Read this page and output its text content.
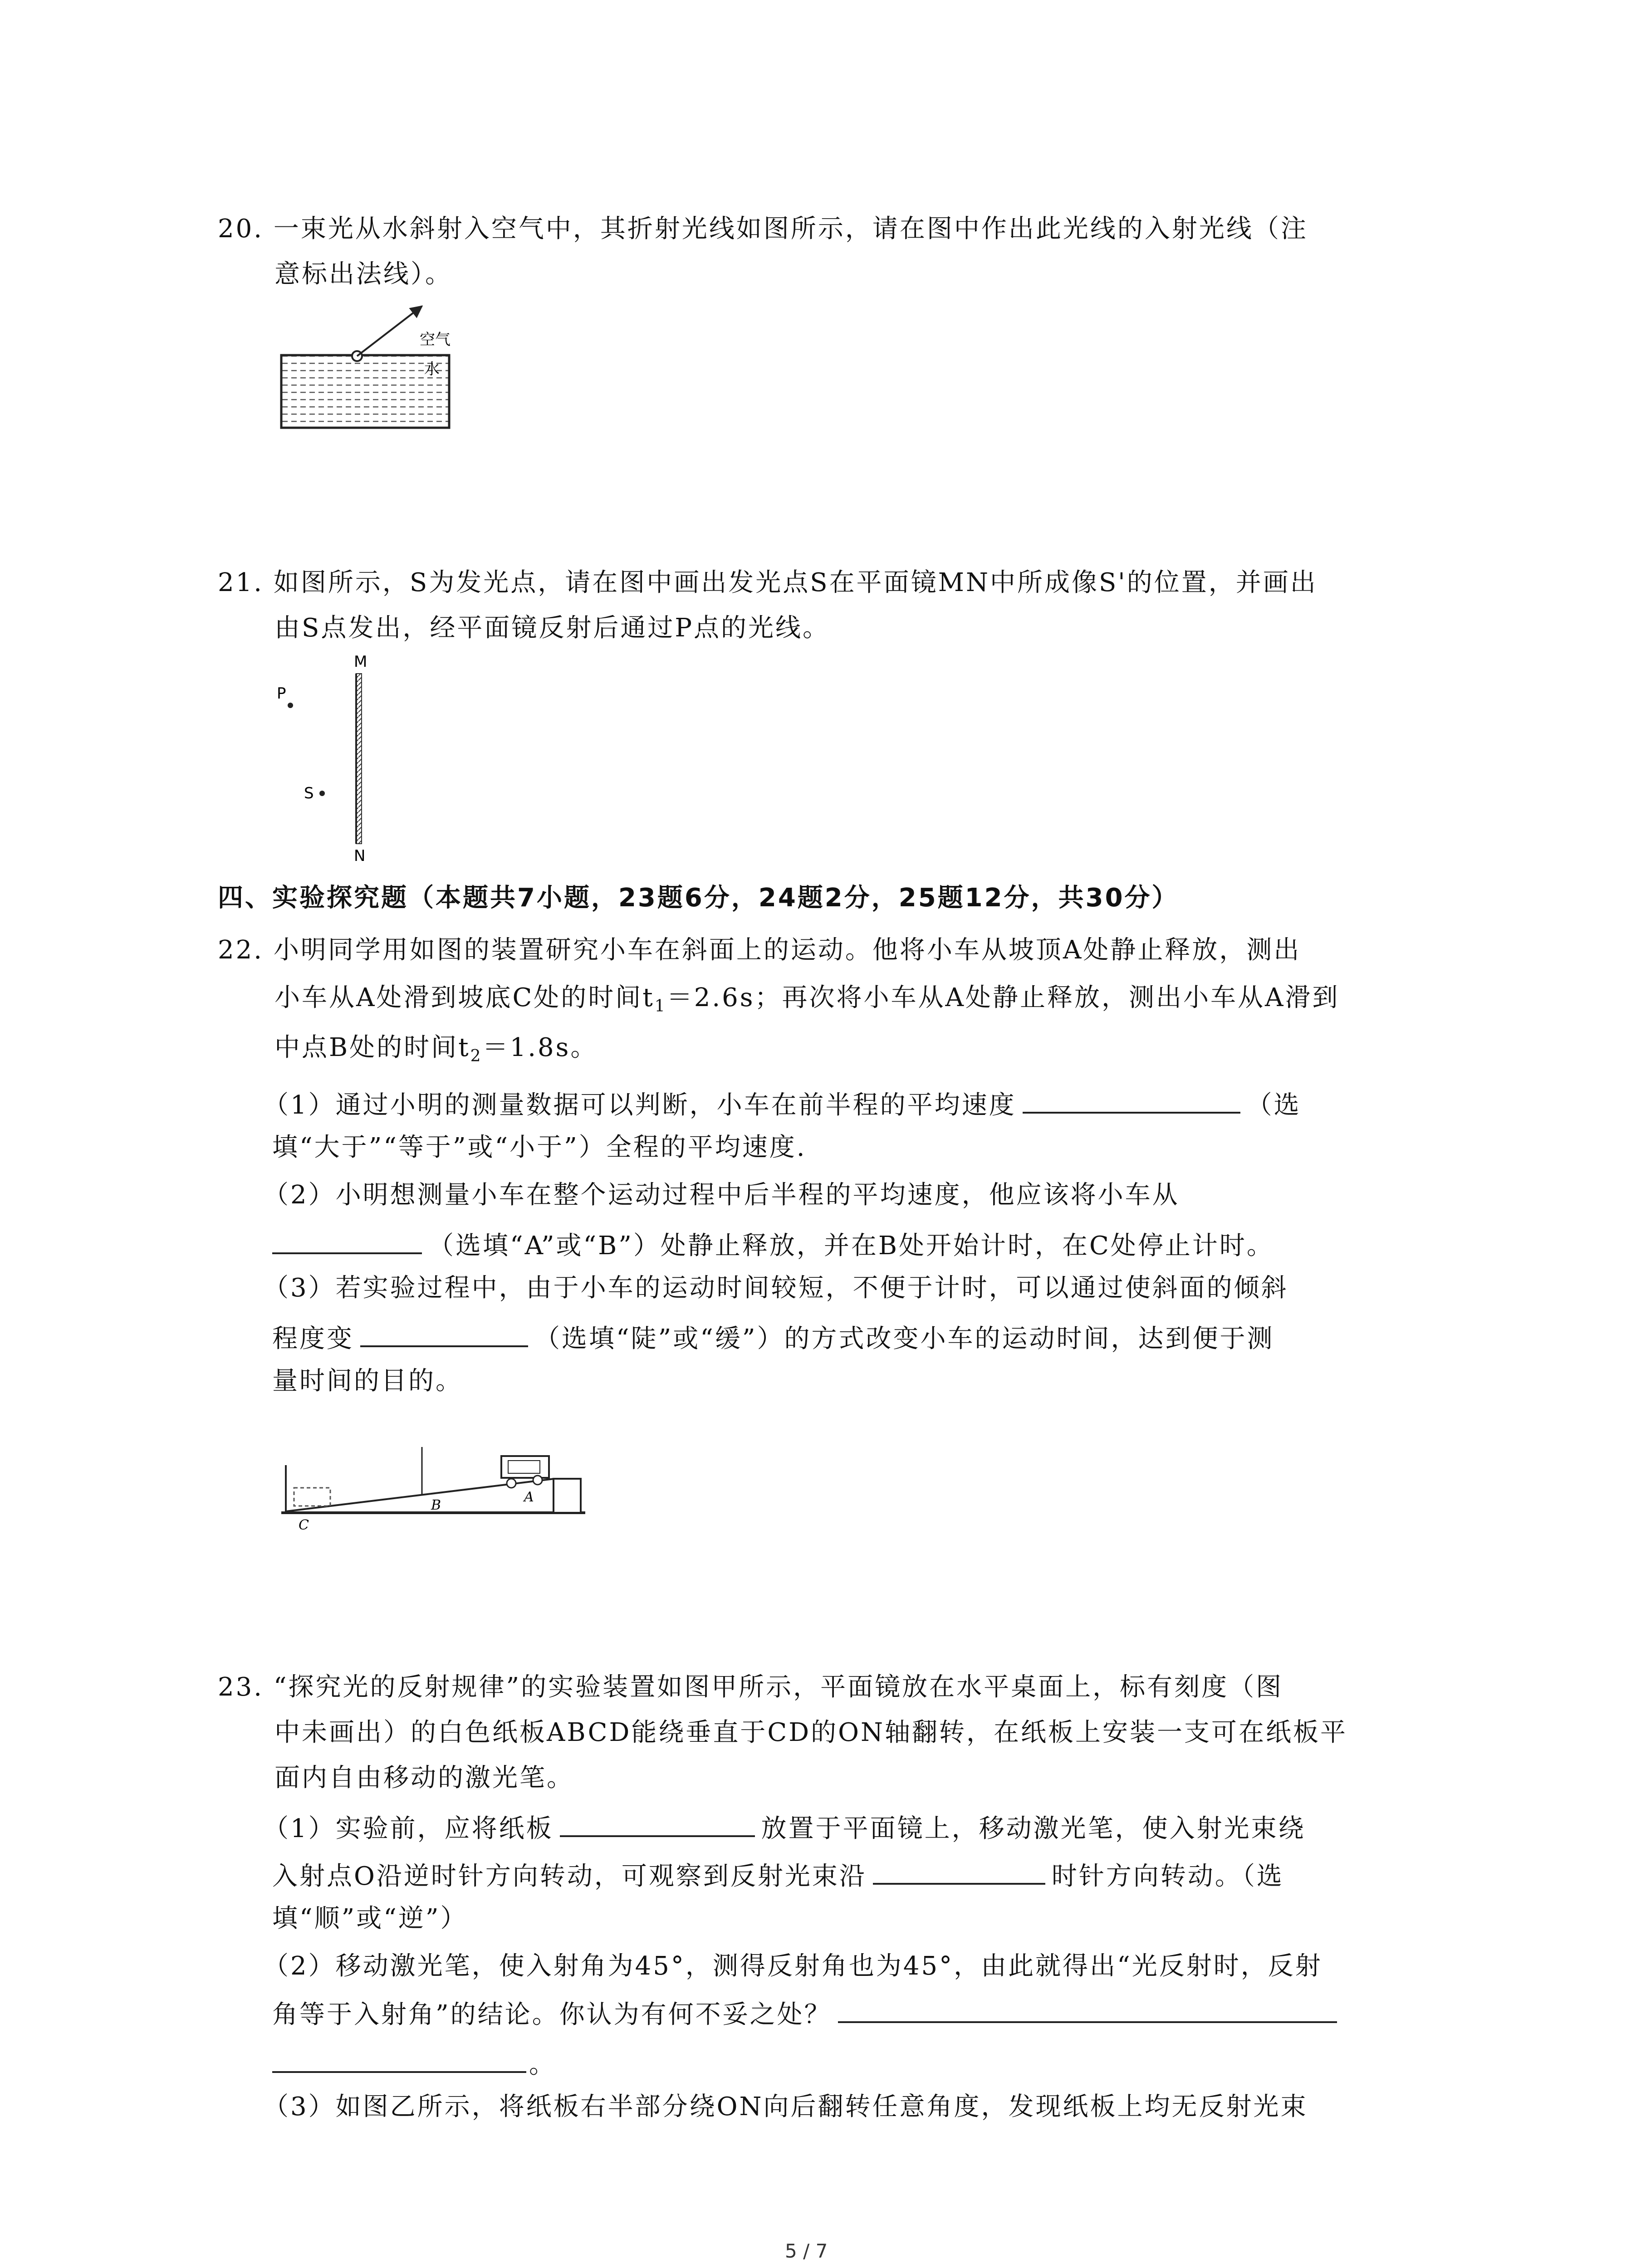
20. 一束光从水斜射入空气中，其折射光线如图所示，请在图中作出此光线的入射光线（注
意标出法线）。
空气
水
21. 如图所示，S为发光点，请在图中画出发光点S在平面镜MN中所成像S'的位置，并画出
由S点发出，经平面镜反射后通过P点的光线。
M
N
P
S
四、实验探究题（本题共7小题，23题6分，24题2分，25题12分，共30分）
22. 小明同学用如图的装置研究小车在斜面上的运动。他将小车从坡顶A处静止释放，测出
小车从A处滑到坡底C处的时间$t_1=2.6s$；再次将小车从A处静止释放，测出小车从A滑到
中点B处的时间$t_2=1.8s$。
（1）通过小明的测量数据可以判断，小车在前半程的平均速度	（选
填“大于”“等于”或“小于”）全程的平均速度.
（2）小明想测量小车在整个运动过程中后半程的平均速度，他应该将小车从
（选填“A”或“B”）处静止释放，并在B处开始计时，在C处停止计时。
（3）若实验过程中，由于小车的运动时间较短，不便于计时，可以通过使斜面的倾斜
程度变	（选填“陡”或“缓”）的方式改变小车的运动时间，达到便于测
量时间的目的。
B
A
C
23. “探究光的反射规律”的实验装置如图甲所示，平面镜放在水平桌面上，标有刻度（图
中未画出）的白色纸板ABCD能绕垂直于CD的ON轴翻转，在纸板上安装一支可在纸板平
面内自由移动的激光笔。
（1）实验前，应将纸板	放置于平面镜上，移动激光笔，使入射光束绕
入射点O沿逆时针方向转动，可观察到反射光束沿	时针方向转动。（选
填“顺”或“逆”）
（2）移动激光笔，使入射角为45°，测得反射角也为45°，由此就得出“光反射时，反射
角等于入射角”的结论。你认为有何不妥之处？
。
（3）如图乙所示，将纸板右半部分绕ON向后翻转任意角度，发现纸板上均无反射光束
5 / 7
